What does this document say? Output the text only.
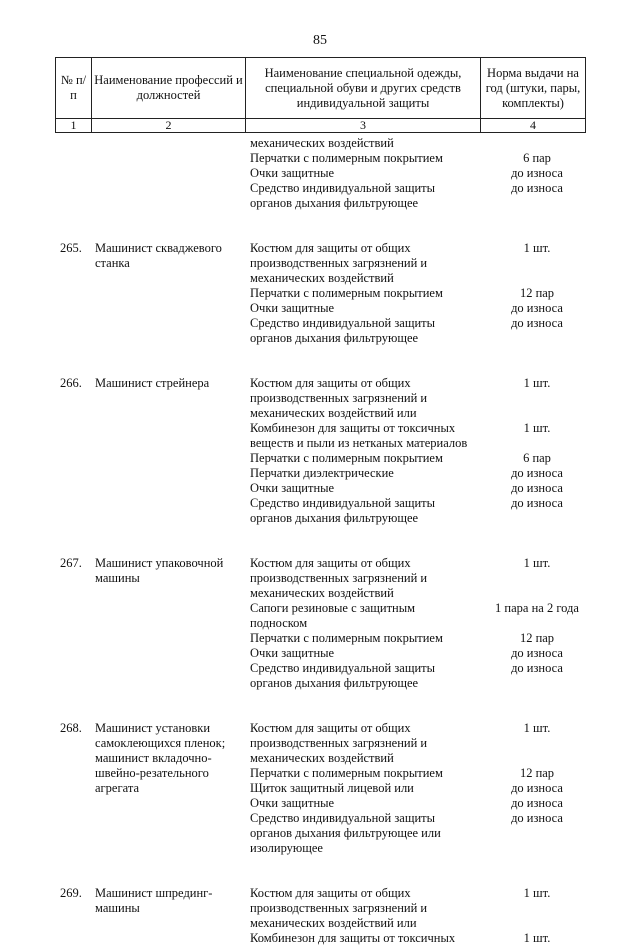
85
№ п/п	Наименование профессий и должностей	Наименование специальной одежды, специальной обуви и других средств индивидуальной защиты	Норма выдачи на год (штуки, пары, комплекты)
1	2	3	4
механических воздействий
Перчатки с полимерным покрытием	6 пар
Очки защитные	до износа
Средство индивидуальной защиты	до износа
органов дыхания фильтрующее
265.	Машинист скваджевого	Костюм для защиты от общих	1 шт.
станка	производственных загрязнений и
механических воздействий
Перчатки с полимерным покрытием	12 пар
Очки защитные	до износа
Средство индивидуальной защиты	до износа
органов дыхания фильтрующее
266.	Машинист стрейнера	Костюм для защиты от общих	1 шт.
производственных загрязнений и
механических воздействий или
Комбинезон для защиты от токсичных	1 шт.
веществ и пыли из нетканых материалов
Перчатки с полимерным покрытием	6 пар
Перчатки диэлектрические	до износа
Очки защитные	до износа
Средство индивидуальной защиты	до износа
органов дыхания фильтрующее
267.	Машинист упаковочной	Костюм для защиты от общих	1 шт.
машины	производственных загрязнений и
механических воздействий
Сапоги резиновые с защитным	1 пара на 2 года
подноском
Перчатки с полимерным покрытием	12 пар
Очки защитные	до износа
Средство индивидуальной защиты	до износа
органов дыхания фильтрующее
268.	Машинист установки	Костюм для защиты от общих	1 шт.
самоклеющихся пленок;	производственных загрязнений и
машинист вкладочно-	механических воздействий
швейно-резательного	Перчатки с полимерным покрытием	12 пар
агрегата	Щиток защитный лицевой или	до износа
Очки защитные	до износа
Средство индивидуальной защиты	до износа
органов дыхания фильтрующее или
изолирующее
269.	Машинист шпрединг-	Костюм для защиты от общих	1 шт.
машины	производственных загрязнений и
механических воздействий или
Комбинезон для защиты от токсичных	1 шт.
